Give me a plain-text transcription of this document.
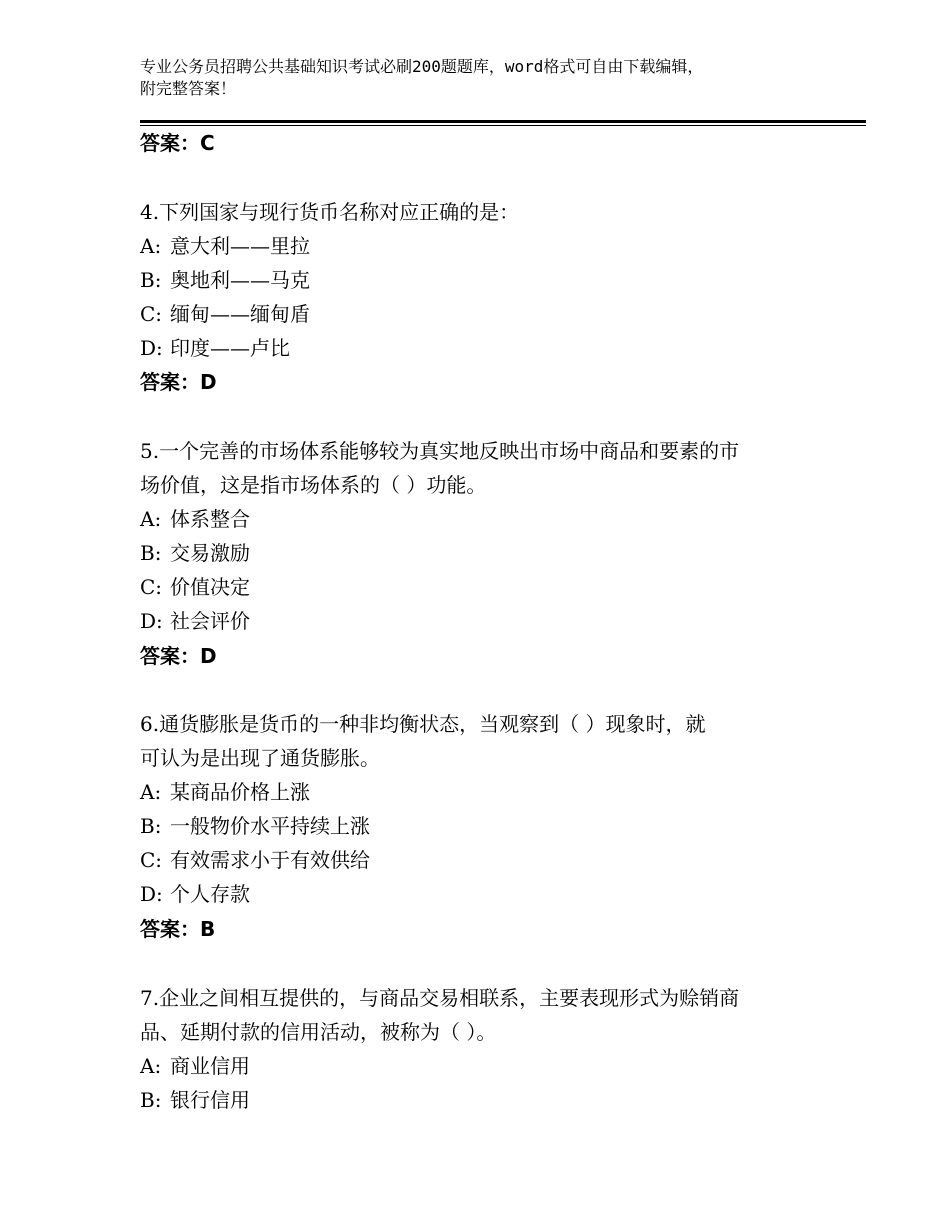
专业公务员招聘公共基础知识考试必刷200题题库，word格式可自由下载编辑，
附完整答案！
答案：C
4.下列国家与现行货币名称对应正确的是：
A: 意大利——里拉
B: 奥地利——马克
C: 缅甸——缅甸盾
D: 印度——卢比
答案：D
5.一个完善的市场体系能够较为真实地反映出市场中商品和要素的市
场价值，这是指市场体系的（ ）功能。
A: 体系整合
B: 交易激励
C: 价值决定
D: 社会评价
答案：D
6.通货膨胀是货币的一种非均衡状态，当观察到（ ）现象时，就
可认为是出现了通货膨胀。
A: 某商品价格上涨
B: 一般物价水平持续上涨
C: 有效需求小于有效供给
D: 个人存款
答案：B
7.企业之间相互提供的，与商品交易相联系，主要表现形式为赊销商
品、延期付款的信用活动，被称为（ ）。
A: 商业信用
B: 银行信用
